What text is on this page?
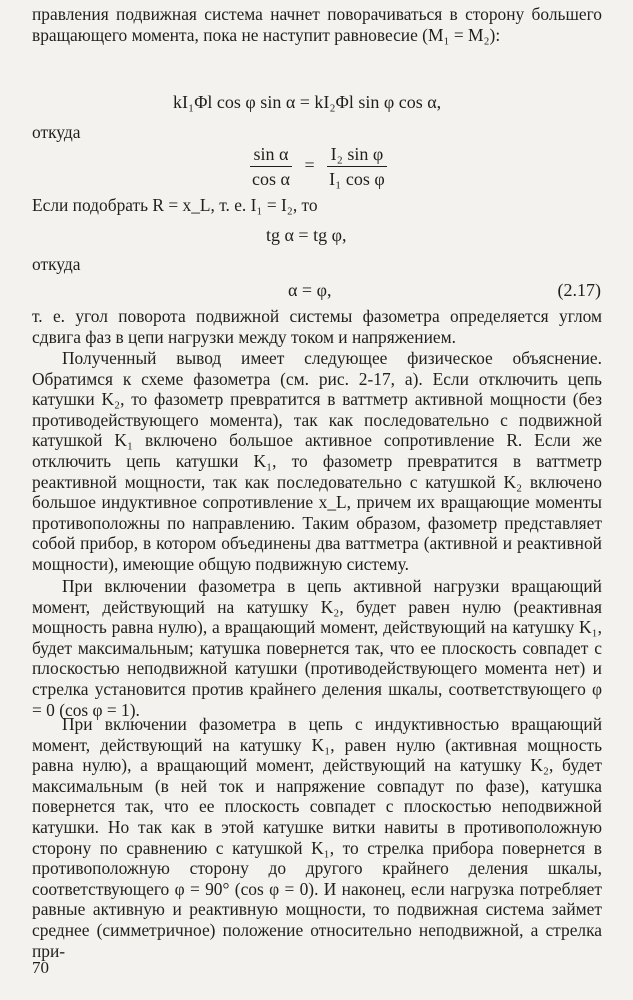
правления подвижная система начнет поворачиваться в сторону большего вращающего момента, пока не наступит равновесие (M₁ = M₂):

kI₁Φl cos φ sin α = kI₂Φl sin φ cos α,
откуда
$\frac{\text{sin α}}{\text{cos α}} = \frac{\text{I₂ sin φ}}{\text{I₁ cos φ}}$
Если подобрать R = x_L, т. е. I₁ = I₂, то
tg α = tg φ,
откуда
α = φ,	(2.17)

т. е. угол поворота подвижной системы фазометра определяется углом сдвига фаз в цепи нагрузки между током и напряжением.

Полученный вывод имеет следующее физическое объяснение. Обратимся к схеме фазометра (см. рис. 2-17, а). Если отключить цепь катушки K₂, то фазометр превратится в ваттметр активной мощности (без противодействующего момента), так как последовательно с подвижной катушкой K₁ включено большое активное сопротивление R. Если же отключить цепь катушки K₁, то фазометр превратится в ваттметр реактивной мощности, так как последовательно с катушкой K₂ включено большое индуктивное сопротивление x_L, причем их вращающие моменты противоположны по направлению. Таким образом, фазометр представляет собой прибор, в котором объединены два ваттметра (активной и реактивной мощности), имеющие общую подвижную систему.

При включении фазометра в цепь активной нагрузки вращающий момент, действующий на катушку K₂, будет равен нулю (реактивная мощность равна нулю), а вращающий момент, действующий на катушку K₁, будет максимальным; катушка повернется так, что ее плоскость совпадет с плоскостью неподвижной катушки (противодействующего момента нет) и стрелка установится против крайнего деления шкалы, соответствующего φ = 0 (cos φ = 1).

При включении фазометра в цепь с индуктивностью вращающий момент, действующий на катушку K₁, равен нулю (активная мощность равна нулю), а вращающий момент, действующий на катушку K₂, будет максимальным (в ней ток и напряжение совпадут по фазе), катушка повернется так, что ее плоскость совпадет с плоскостью неподвижной катушки. Но так как в этой катушке витки навиты в противоположную сторону по сравнению с катушкой K₁, то стрелка прибора повернется в противоположную сторону до другого крайнего деления шкалы, соответствующего φ = 90° (cos φ = 0). И наконец, если нагрузка потребляет равные активную и реактивную мощности, то подвижная система займет среднее (симметричное) положение относительно неподвижной, а стрелка при-

70
